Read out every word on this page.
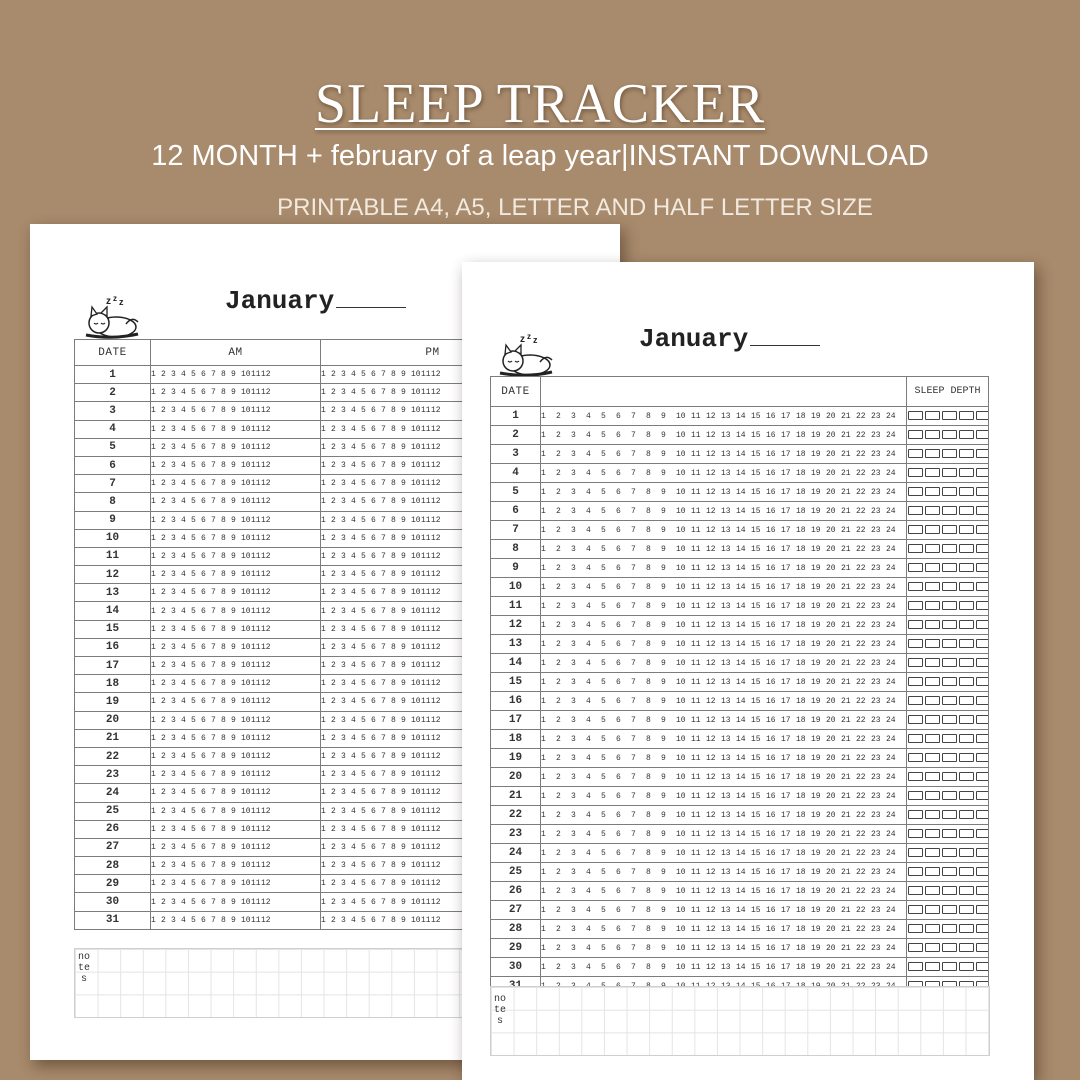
SLEEP TRACKER

12 MONTH + february of a leap year|INSTANT DOWNLOAD

PRINTABLE A4, A5, LETTER AND HALF LETTER SIZE

z z z	January
DATE	AM	PM
1	1 2 3 4 5 6 7 8 9 101112	1 2 3 4 5 6 7 8 9 101112
2	1 2 3 4 5 6 7 8 9 101112	1 2 3 4 5 6 7 8 9 101112
3	1 2 3 4 5 6 7 8 9 101112	1 2 3 4 5 6 7 8 9 101112
4	1 2 3 4 5 6 7 8 9 101112	1 2 3 4 5 6 7 8 9 101112
5	1 2 3 4 5 6 7 8 9 101112	1 2 3 4 5 6 7 8 9 101112
6	1 2 3 4 5 6 7 8 9 101112	1 2 3 4 5 6 7 8 9 101112
7	1 2 3 4 5 6 7 8 9 101112	1 2 3 4 5 6 7 8 9 101112
8	1 2 3 4 5 6 7 8 9 101112	1 2 3 4 5 6 7 8 9 101112
9	1 2 3 4 5 6 7 8 9 101112	1 2 3 4 5 6 7 8 9 101112
10	1 2 3 4 5 6 7 8 9 101112	1 2 3 4 5 6 7 8 9 101112
11	1 2 3 4 5 6 7 8 9 101112	1 2 3 4 5 6 7 8 9 101112
12	1 2 3 4 5 6 7 8 9 101112	1 2 3 4 5 6 7 8 9 101112
13	1 2 3 4 5 6 7 8 9 101112	1 2 3 4 5 6 7 8 9 101112
14	1 2 3 4 5 6 7 8 9 101112	1 2 3 4 5 6 7 8 9 101112
15	1 2 3 4 5 6 7 8 9 101112	1 2 3 4 5 6 7 8 9 101112
16	1 2 3 4 5 6 7 8 9 101112	1 2 3 4 5 6 7 8 9 101112
17	1 2 3 4 5 6 7 8 9 101112	1 2 3 4 5 6 7 8 9 101112
18	1 2 3 4 5 6 7 8 9 101112	1 2 3 4 5 6 7 8 9 101112
19	1 2 3 4 5 6 7 8 9 101112	1 2 3 4 5 6 7 8 9 101112
20	1 2 3 4 5 6 7 8 9 101112	1 2 3 4 5 6 7 8 9 101112
21	1 2 3 4 5 6 7 8 9 101112	1 2 3 4 5 6 7 8 9 101112
22	1 2 3 4 5 6 7 8 9 101112	1 2 3 4 5 6 7 8 9 101112
23	1 2 3 4 5 6 7 8 9 101112	1 2 3 4 5 6 7 8 9 101112
24	1 2 3 4 5 6 7 8 9 101112	1 2 3 4 5 6 7 8 9 101112
25	1 2 3 4 5 6 7 8 9 101112	1 2 3 4 5 6 7 8 9 101112
26	1 2 3 4 5 6 7 8 9 101112	1 2 3 4 5 6 7 8 9 101112
27	1 2 3 4 5 6 7 8 9 101112	1 2 3 4 5 6 7 8 9 101112
28	1 2 3 4 5 6 7 8 9 101112	1 2 3 4 5 6 7 8 9 101112
29	1 2 3 4 5 6 7 8 9 101112	1 2 3 4 5 6 7 8 9 101112
30	1 2 3 4 5 6 7 8 9 101112	1 2 3 4 5 6 7 8 9 101112
31	1 2 3 4 5 6 7 8 9 101112	1 2 3 4 5 6 7 8 9 101112
notes
z z z	January
DATE		SLEEP DEPTH
1	1 2 3 4 5 6 7 8 9 10 11 12 13 14 15 16 17 18 19 20 21 22 23 24	
2	1 2 3 4 5 6 7 8 9 10 11 12 13 14 15 16 17 18 19 20 21 22 23 24	
3	1 2 3 4 5 6 7 8 9 10 11 12 13 14 15 16 17 18 19 20 21 22 23 24	
4	1 2 3 4 5 6 7 8 9 10 11 12 13 14 15 16 17 18 19 20 21 22 23 24	
5	1 2 3 4 5 6 7 8 9 10 11 12 13 14 15 16 17 18 19 20 21 22 23 24	
6	1 2 3 4 5 6 7 8 9 10 11 12 13 14 15 16 17 18 19 20 21 22 23 24	
7	1 2 3 4 5 6 7 8 9 10 11 12 13 14 15 16 17 18 19 20 21 22 23 24	
8	1 2 3 4 5 6 7 8 9 10 11 12 13 14 15 16 17 18 19 20 21 22 23 24	
9	1 2 3 4 5 6 7 8 9 10 11 12 13 14 15 16 17 18 19 20 21 22 23 24	
10	1 2 3 4 5 6 7 8 9 10 11 12 13 14 15 16 17 18 19 20 21 22 23 24	
11	1 2 3 4 5 6 7 8 9 10 11 12 13 14 15 16 17 18 19 20 21 22 23 24	
12	1 2 3 4 5 6 7 8 9 10 11 12 13 14 15 16 17 18 19 20 21 22 23 24	
13	1 2 3 4 5 6 7 8 9 10 11 12 13 14 15 16 17 18 19 20 21 22 23 24	
14	1 2 3 4 5 6 7 8 9 10 11 12 13 14 15 16 17 18 19 20 21 22 23 24	
15	1 2 3 4 5 6 7 8 9 10 11 12 13 14 15 16 17 18 19 20 21 22 23 24	
16	1 2 3 4 5 6 7 8 9 10 11 12 13 14 15 16 17 18 19 20 21 22 23 24	
17	1 2 3 4 5 6 7 8 9 10 11 12 13 14 15 16 17 18 19 20 21 22 23 24	
18	1 2 3 4 5 6 7 8 9 10 11 12 13 14 15 16 17 18 19 20 21 22 23 24	
19	1 2 3 4 5 6 7 8 9 10 11 12 13 14 15 16 17 18 19 20 21 22 23 24	
20	1 2 3 4 5 6 7 8 9 10 11 12 13 14 15 16 17 18 19 20 21 22 23 24	
21	1 2 3 4 5 6 7 8 9 10 11 12 13 14 15 16 17 18 19 20 21 22 23 24	
22	1 2 3 4 5 6 7 8 9 10 11 12 13 14 15 16 17 18 19 20 21 22 23 24	
23	1 2 3 4 5 6 7 8 9 10 11 12 13 14 15 16 17 18 19 20 21 22 23 24	
24	1 2 3 4 5 6 7 8 9 10 11 12 13 14 15 16 17 18 19 20 21 22 23 24	
25	1 2 3 4 5 6 7 8 9 10 11 12 13 14 15 16 17 18 19 20 21 22 23 24	
26	1 2 3 4 5 6 7 8 9 10 11 12 13 14 15 16 17 18 19 20 21 22 23 24	
27	1 2 3 4 5 6 7 8 9 10 11 12 13 14 15 16 17 18 19 20 21 22 23 24	
28	1 2 3 4 5 6 7 8 9 10 11 12 13 14 15 16 17 18 19 20 21 22 23 24	
29	1 2 3 4 5 6 7 8 9 10 11 12 13 14 15 16 17 18 19 20 21 22 23 24	
30	1 2 3 4 5 6 7 8 9 10 11 12 13 14 15 16 17 18 19 20 21 22 23 24	

notes
